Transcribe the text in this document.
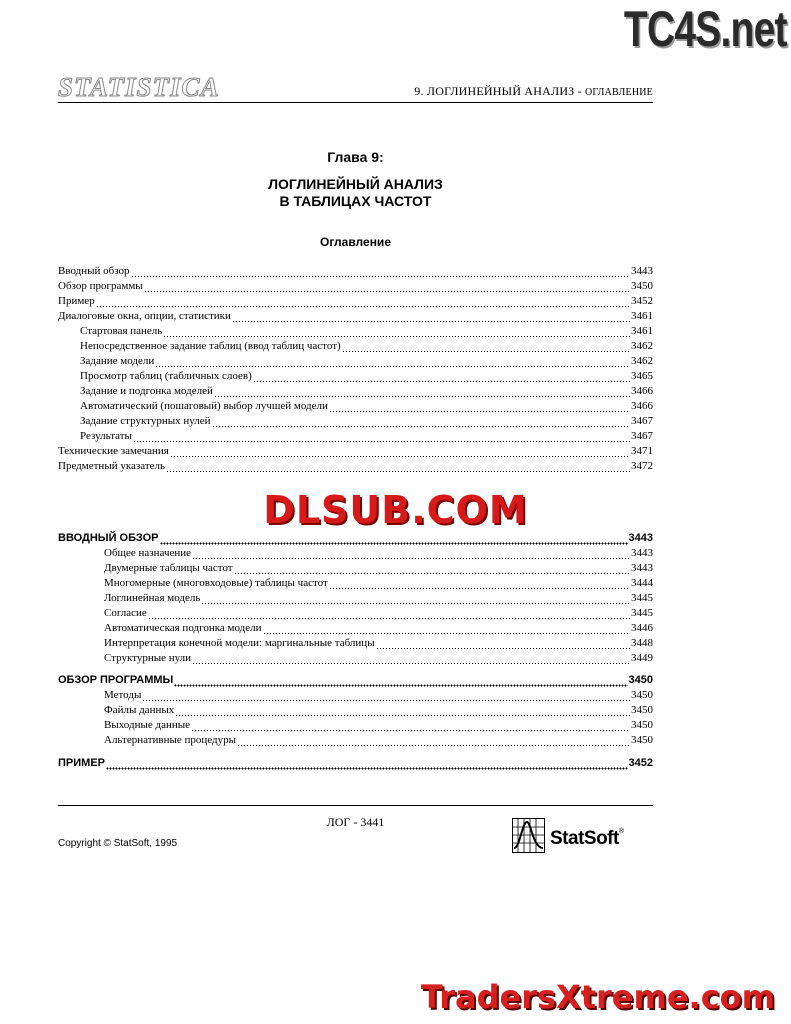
TC4S.net
DLSUB.COM
TradersXtreme.com
STATISTICA	9. ЛОГЛИНЕЙНЫЙ АНАЛИЗ - ОГЛАВЛЕНИЕ
Глава 9:
ЛОГЛИНЕЙНЫЙ АНАЛИЗ
В ТАБЛИЦАХ ЧАСТОТ
Оглавление
Вводный обзор	3443
Обзор программы	3450
Пример	3452
Диалоговые окна, опции, статистики	3461
Стартовая панель	3461
Непосредственное задание таблиц (ввод таблиц частот)	3462
Задание модели	3462
Просмотр таблиц (табличных слоев)	3465
Задание и подгонка моделей	3466
Автоматический (пошаговый) выбор лучшей модели	3466
Задание структурных нулей	3467
Результаты	3467
Технические замечания	3471
Предметный указатель	3472
ВВОДНЫЙ ОБЗОР	3443
Общее назначение	3443
Двумерные таблицы частот	3443
Многомерные (многовходовые) таблицы частот	3444
Логлинейная модель	3445
Согласие	3445
Автоматическая подгонка модели	3446
Интерпретация конечной модели: маргинальные таблицы	3448
Структурные нули	3449
ОБЗОР ПРОГРАММЫ	3450
Методы	3450
Файлы данных	3450
Выходные данные	3450
Альтернативные процедуры	3450
ПРИМЕР	3452
ЛОГ - 3441
Copyright © StatSoft, 1995	StatSoft®
